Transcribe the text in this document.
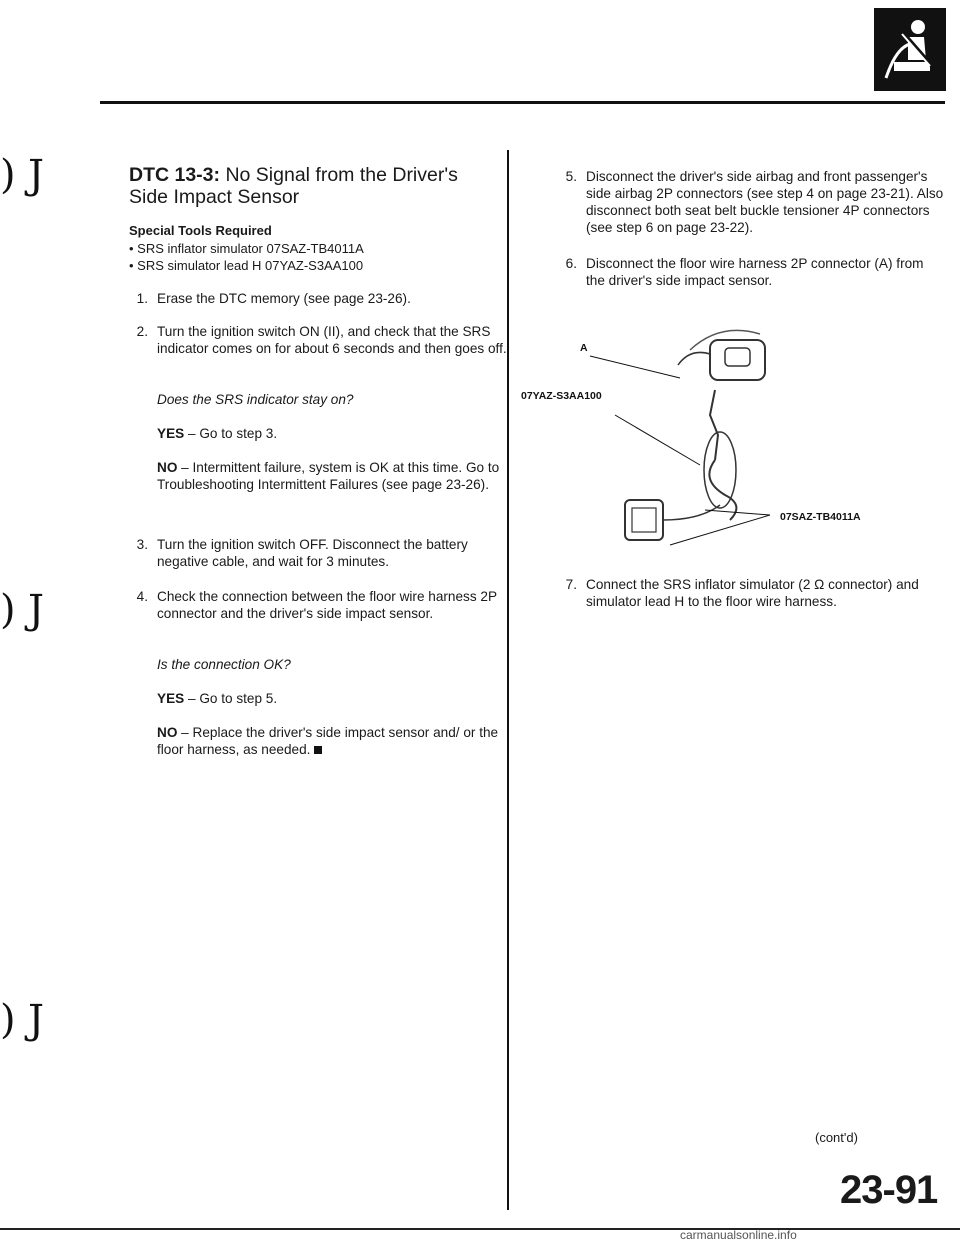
) J
) J
) J
DTC 13-3: No Signal from the Driver's Side Impact Sensor
Special Tools Required
• SRS inflator simulator 07SAZ-TB4011A
• SRS simulator lead H 07YAZ-S3AA100
1. Erase the DTC memory (see page 23-26).
2. Turn the ignition switch ON (II), and check that the SRS indicator comes on for about 6 seconds and then goes off.
Does the SRS indicator stay on?
YES – Go to step 3.
NO – Intermittent failure, system is OK at this time. Go to Troubleshooting Intermittent Failures (see page 23-26).
3. Turn the ignition switch OFF. Disconnect the battery negative cable, and wait for 3 minutes.
4. Check the connection between the floor wire harness 2P connector and the driver's side impact sensor.
Is the connection OK?
YES – Go to step 5.
NO – Replace the driver's side impact sensor and/ or the floor harness, as needed.
5. Disconnect the driver's side airbag and front passenger's side airbag 2P connectors (see step 4 on page 23-21). Also disconnect both seat belt buckle tensioner 4P connectors (see step 6 on page 23-22).
6. Disconnect the floor wire harness 2P connector (A) from the driver's side impact sensor.
A
07YAZ-S3AA100
07SAZ-TB4011A
7. Connect the SRS inflator simulator (2 Ω connector) and simulator lead H to the floor wire harness.
(cont'd)
23-91
carmanualsonline.info
